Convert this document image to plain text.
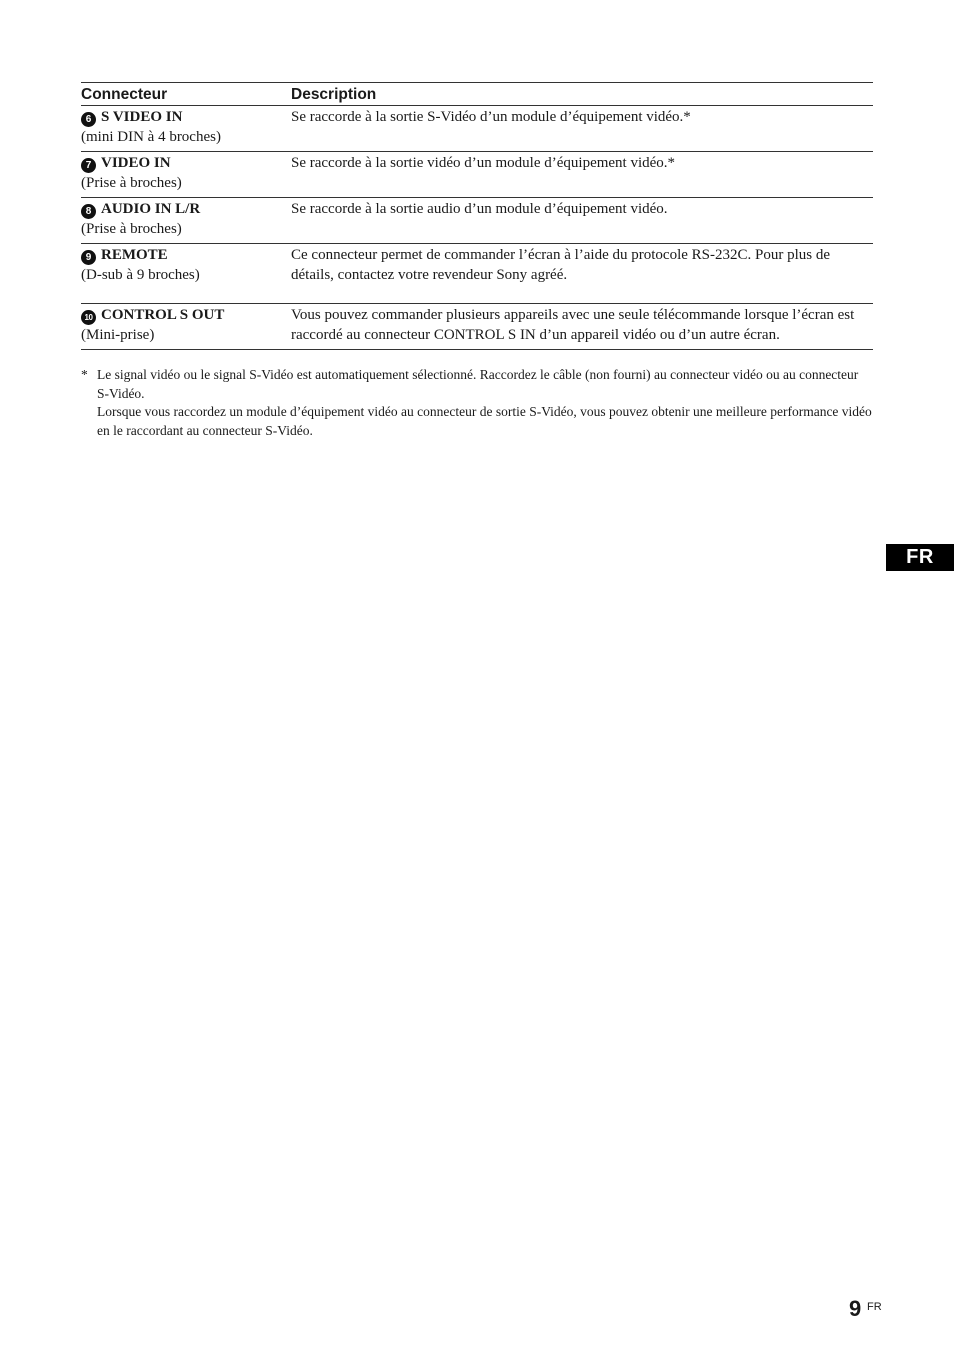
Connecteur	Description

6 S VIDEO IN
(mini DIN à 4 broches)	Se raccorde à la sortie S-Vidéo d’un module d’équipement vidéo.*

7 VIDEO IN
(Prise à broches)	Se raccorde à la sortie vidéo d’un module d’équipement vidéo.*

8 AUDIO IN L/R
(Prise à broches)	Se raccorde à la sortie audio d’un module d’équipement vidéo.

9 REMOTE
(D-sub à 9 broches)	Ce connecteur permet de commander l’écran à l’aide du protocole RS-232C. Pour plus de détails, contactez votre revendeur Sony agréé.

10 CONTROL S OUT
(Mini-prise)	Vous pouvez commander plusieurs appareils avec une seule télécommande lorsque l’écran est raccordé au connecteur CONTROL S IN d’un appareil vidéo ou d’un autre écran.
* Le signal vidéo ou le signal S-Vidéo est automatiquement sélectionné. Raccordez le câble (non fourni) au connecteur vidéo ou au connecteur S-Vidéo.
Lorsque vous raccordez un module d’équipement vidéo au connecteur de sortie S-Vidéo, vous pouvez obtenir une meilleure performance vidéo en le raccordant au connecteur S-Vidéo.
FR
9 FR
